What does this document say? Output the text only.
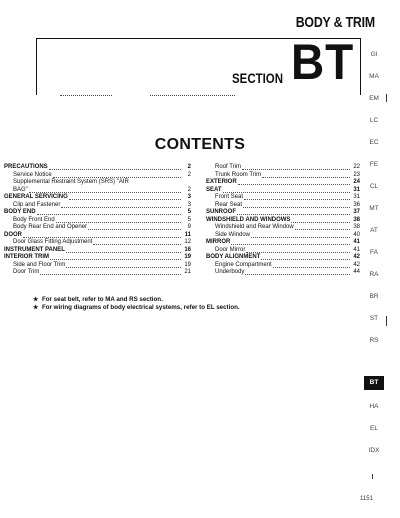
BODY & TRIM
SECTION BT
CONTENTS
PRECAUTIONS	2
Service Notice	2
Supplemental Restraint System (SRS) "AIR
BAG"	2
GENERAL SERVICING	3
Clip and Fastener	3
BODY END	5
Body Front End	5
Body Rear End and Opener	9
DOOR	11
Door Glass Fitting Adjustment	12
INSTRUMENT PANEL	16
INTERIOR TRIM	19
Side and Floor Trim	19
Door Trim	21
Roof Trim	22
Trunk Room Trim	23
EXTERIOR	24
SEAT	31
Front Seat	31
Rear Seat	36
SUNROOF	37
WINDSHIELD AND WINDOWS	38
Windshield and Rear Window	38
Side Window	40
MIRROR	41
Door Mirror	41
BODY ALIGNMENT	42
Engine Compartment	42
Underbody	44
★ For seat belt, refer to MA and RS section.
★ For wiring diagrams of body electrical systems, refer to EL section.
GI
MA
EM
LC
EC
FE
CL
MT
AT
FA
RA
BR
ST
RS
BT
HA
EL
IDX
1151
